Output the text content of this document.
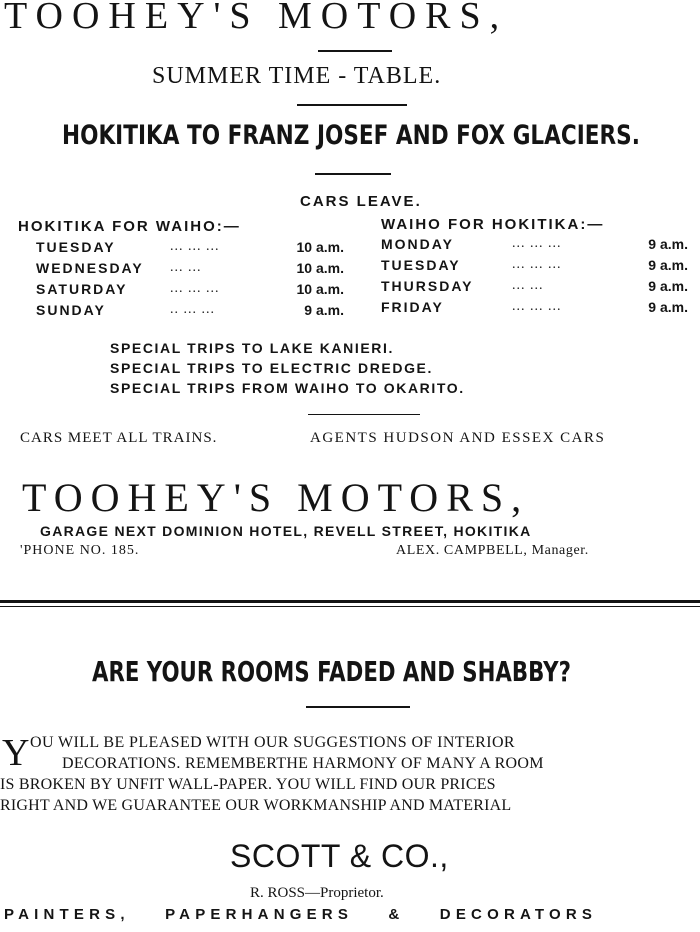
TOOHEY'S MOTORS,
SUMMER TIME - TABLE.
HOKITIKA TO FRANZ JOSEF AND FOX GLACIERS.
CARS LEAVE.
HOKITIKA FOR WAIHO:—
TUESDAY	... ... ...	10 a.m.
WEDNESDAY ... ...	10 a.m.
SATURDAY	... ... ...	10 a.m.
SUNDAY	.. ... ...	9 a.m.
WAIHO FOR HOKITIKA:—
MONDAY	... ... ...	9 a.m.
TUESDAY	... ... ...	9 a.m.
THURSDAY	... ...	9 a.m.
FRIDAY	... ... ...	9 a.m.
SPECIAL TRIPS TO LAKE KANIERI.
SPECIAL TRIPS TO ELECTRIC DREDGE.
SPECIAL TRIPS FROM WAIHO TO OKARITO.
CARS MEET ALL TRAINS.	AGENTS HUDSON AND ESSEX CARS
TOOHEY'S MOTORS,
GARAGE NEXT DOMINION HOTEL, REVELL STREET, HOKITIKA
'PHONE NO. 185.	ALEX. CAMPBELL, Manager.
ARE YOUR ROOMS FADED AND SHABBY?
Y OU WILL BE PLEASED WITH OUR SUGGESTIONS OF INTERIOR
DECORATIONS. REMEMBERTHE HARMONY OF MANY A ROOM
IS BROKEN BY UNFIT WALL-PAPER. YOU WILL FIND OUR PRICES
RIGHT AND WE GUARANTEE OUR WORKMANSHIP AND MATERIAL
SCOTT & CO.,
R. ROSS—Proprietor.
PAINTERS, PAPERHANGERS & DECORATORS
